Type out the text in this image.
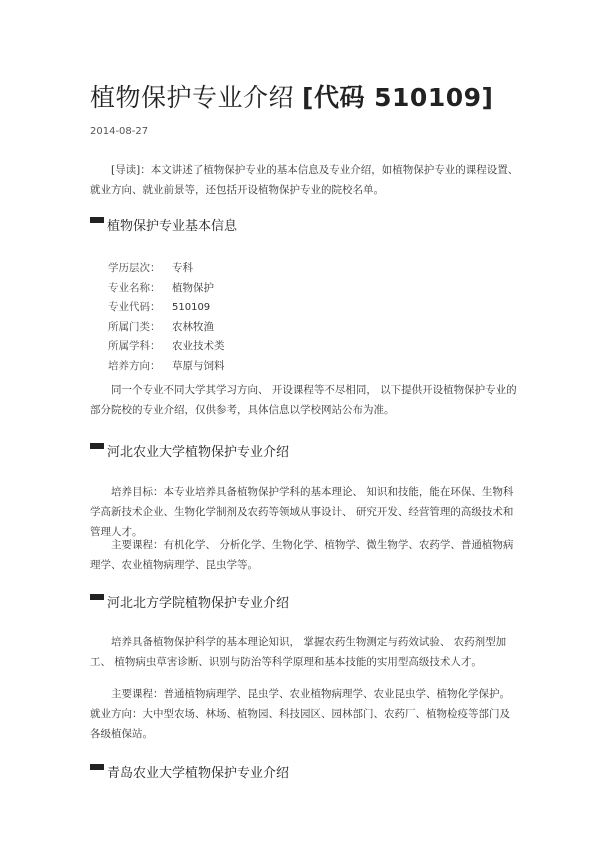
植物保护专业介绍 [代码 510109]
2014-08-27

[导读]：本文讲述了植物保护专业的基本信息及专业介绍，如植物保护专业的课程设置、就业方向、就业前景等，还包括开设植物保护专业的院校名单。

植物保护专业基本信息
学历层次： 专科
专业名称： 植物保护
专业代码： 510109
所属门类： 农林牧渔
所属学科： 农业技术类
培养方向： 草原与饲料

同一个专业不同大学其学习方向、 开设课程等不尽相同， 以下提供开设植物保护专业的部分院校的专业介绍，仅供参考，具体信息以学校网站公布为准。

河北农业大学植物保护专业介绍

培养目标：本专业培养具备植物保护学科的基本理论、 知识和技能，能在环保、生物科学高新技术企业、生物化学制剂及农药等领域从事设计、 研究开发、经营管理的高级技术和管理人才。

主要课程：有机化学、 分析化学、生物化学、植物学、微生物学、农药学、普通植物病理学、农业植物病理学、昆虫学等。

河北北方学院植物保护专业介绍

培养具备植物保护科学的基本理论知识， 掌握农药生物测定与药效试验、 农药剂型加工、 植物病虫草害诊断、识别与防治等科学原理和基本技能的实用型高级技术人才。

主要课程：普通植物病理学、昆虫学、农业植物病理学、农业昆虫学、植物化学保护。就业方向：大中型农场、林场、植物园、科技园区、园林部门、农药厂、植物检疫等部门及各级植保站。

青岛农业大学植物保护专业介绍
